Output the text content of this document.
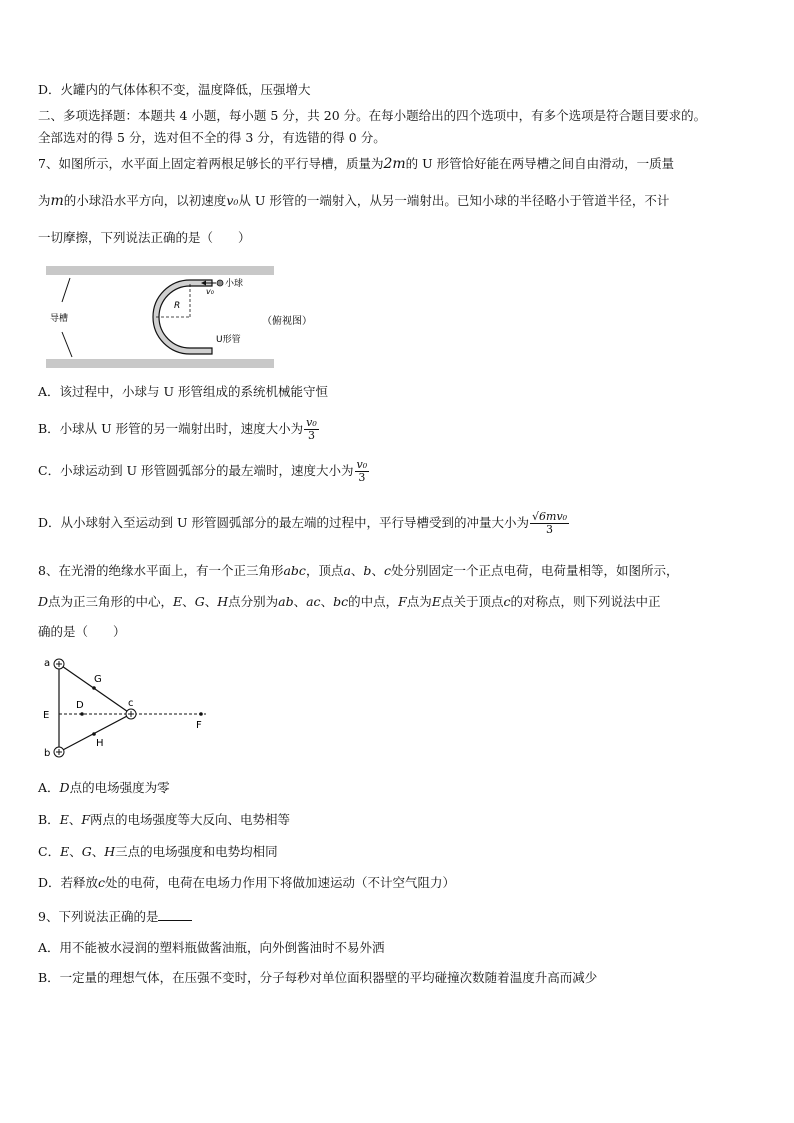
D．火罐内的气体体积不变，温度降低，压强增大
二、多项选择题：本题共 4 小题，每小题 5 分，共 20 分。在每小题给出的四个选项中，有多个选项是符合题目要求的。
全部选对的得 5 分，选对但不全的得 3 分，有选错的得 0 分。
7、如图所示，水平面上固定着两根足够长的平行导槽，质量为2m的 U 形管恰好能在两导槽之间自由滑动，一质量
为m的小球沿水平方向，以初速度v₀从 U 形管的一端射入，从另一端射出。已知小球的半径略小于管道半径，不计
一切摩擦，下列说法正确的是（　　）
导槽
小球
v₀
R
U形管
（俯视图）
A．该过程中，小球与 U 形管组成的系统机械能守恒
B．小球从 U 形管的另一端射出时，速度大小为 $\frac{\text{v₀}}{3}$
C．小球运动到 U 形管圆弧部分的最左端时，速度大小为 $\frac{\text{v₀}}{3}$
D．从小球射入至运动到 U 形管圆弧部分的最左端的过程中，平行导槽受到的冲量大小为 $\frac{\text{√6mv₀}}{3}$
8、在光滑的绝缘水平面上，有一个正三角形abc，顶点a、b、c处分别固定一个正点电荷，电荷量相等，如图所示，
D点为正三角形的中心，E、G、H点分别为ab、ac、bc的中点，F点为E点关于顶点c的对称点，则下列说法中正
确的是（　　）
a
b
c
D
E
F
G
H
A．D点的电场强度为零
B．E、F两点的电场强度等大反向、电势相等
C．E、G、H三点的电场强度和电势均相同
D．若释放c处的电荷，电荷在电场力作用下将做加速运动（不计空气阻力）
9、下列说法正确的是
A．用不能被水浸润的塑料瓶做酱油瓶，向外倒酱油时不易外洒
B．一定量的理想气体，在压强不变时，分子每秒对单位面积器壁的平均碰撞次数随着温度升高而减少
